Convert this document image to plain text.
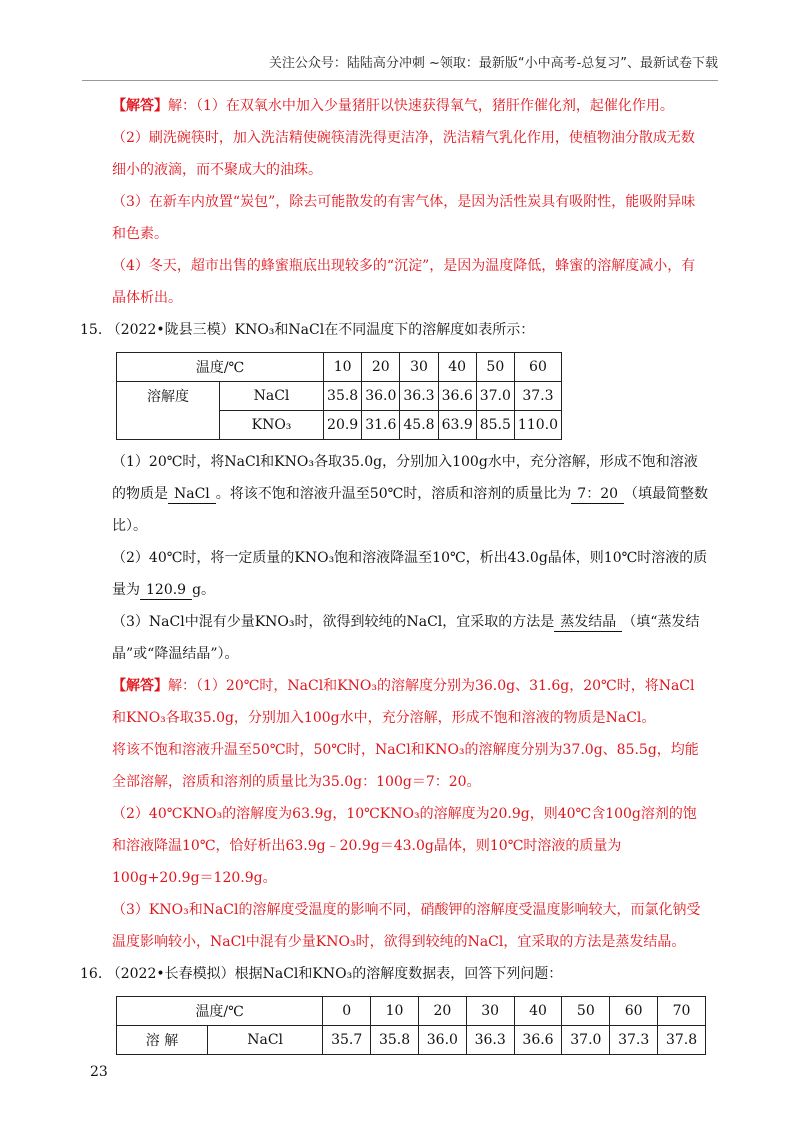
关注公众号：陆陆高分冲刺 ~领取：最新版“小中高考-总复习”、最新试卷下载

【解答】解：（1）在双氧水中加入少量猪肝以快速获得氧气，猪肝作催化剂，起催化作用。

（2）刷洗碗筷时，加入洗洁精使碗筷清洗得更洁净，洗洁精气乳化作用，使植物油分散成无数细小的液滴，而不聚成大的油珠。

（3）在新车内放置“炭包”，除去可能散发的有害气体，是因为活性炭具有吸附性，能吸附异味和色素。

（4）冬天，超市出售的蜂蜜瓶底出现较多的“沉淀”，是因为温度降低，蜂蜜的溶解度减小，有晶体析出。

15. （2022•陇县三模）KNO₃和NaCl在不同温度下的溶解度如表所示：

温度/℃		10	20	30	40	50	60
溶解度	NaCl	35.8	36.0	36.3	36.6	37.0	37.3
	KNO₃	20.9	31.6	45.8	63.9	85.5	110.0

（1）20℃时，将NaCl和KNO₃各取35.0g，分别加入100g水中，充分溶解，形成不饱和溶液的物质是 NaCl 。将该不饱和溶液升温至50℃时，溶质和溶剂的质量比为 7：20 （填最简整数比）。

（2）40℃时，将一定质量的KNO₃饱和溶液降温至10℃，析出43.0g晶体，则10℃时溶液的质量为 120.9 g。

（3）NaCl中混有少量KNO₃时，欲得到较纯的NaCl，宜采取的方法是 蒸发结晶 （填“蒸发结晶”或“降温结晶”）。

【解答】解：（1）20℃时，NaCl和KNO₃的溶解度分别为36.0g、31.6g，20℃时，将NaCl和KNO₃各取35.0g，分别加入100g水中，充分溶解，形成不饱和溶液的物质是NaCl。

将该不饱和溶液升温至50℃时，50℃时，NaCl和KNO₃的溶解度分别为37.0g、85.5g，均能全部溶解，溶质和溶剂的质量比为35.0g：100g＝7：20。

（2）40℃KNO₃的溶解度为63.9g，10℃KNO₃的溶解度为20.9g，则40℃含100g溶剂的饱和溶液降温10℃，恰好析出63.9g﹣20.9g＝43.0g晶体，则10℃时溶液的质量为100g+20.9g＝120.9g。

（3）KNO₃和NaCl的溶解度受温度的影响不同，硝酸钾的溶解度受温度影响较大，而氯化钠受温度影响较小，NaCl中混有少量KNO₃时，欲得到较纯的NaCl，宜采取的方法是蒸发结晶。

16. （2022•长春模拟）根据NaCl和KNO₃的溶解度数据表，回答下列问题：

温度/℃		0	10	20	30	40	50	60	70
溶 解	NaCl	35.7	35.8	36.0	36.3	36.6	37.0	37.3	37.8
23
